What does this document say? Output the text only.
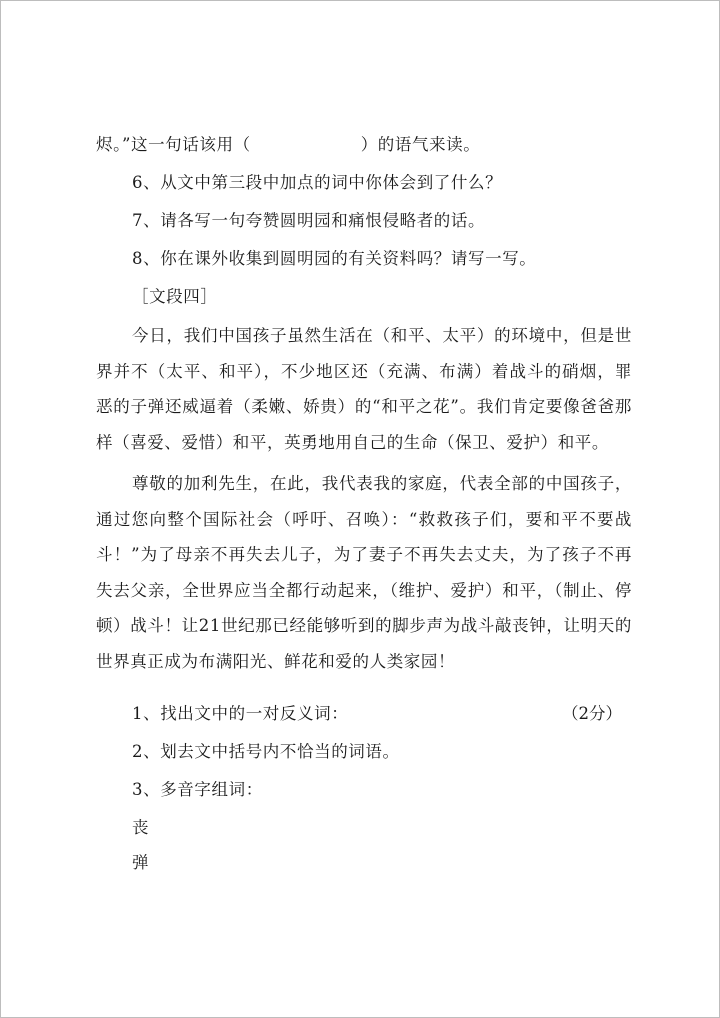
烬。”这一句话该用（	）的语气来读。
6、从文中第三段中加点的词中你体会到了什么？
7、请各写一句夸赞圆明园和痛恨侵略者的话。
8、你在课外收集到圆明园的有关资料吗？请写一写。
［文段四］
今日，我们中国孩子虽然生活在（和平、太平）的环境中，但是世界并不（太平、和平），不少地区还（充满、布满）着战斗的硝烟，罪恶的子弹还威逼着（柔嫩、娇贵）的“和平之花”。我们肯定要像爸爸那样（喜爱、爱惜）和平，英勇地用自己的生命（保卫、爱护）和平。
尊敬的加利先生，在此，我代表我的家庭，代表全部的中国孩子，通过您向整个国际社会（呼吁、召唤）：“救救孩子们，要和平不要战斗！”为了母亲不再失去儿子，为了妻子不再失去丈夫，为了孩子不再失去父亲，全世界应当全都行动起来，（维护、爱护）和平，（制止、停顿）战斗！让21世纪那已经能够听到的脚步声为战斗敲丧钟，让明天的世界真正成为布满阳光、鲜花和爱的人类家园！
1、找出文中的一对反义词：	（2分）
2、划去文中括号内不恰当的词语。
3、多音字组词：
丧
弹
